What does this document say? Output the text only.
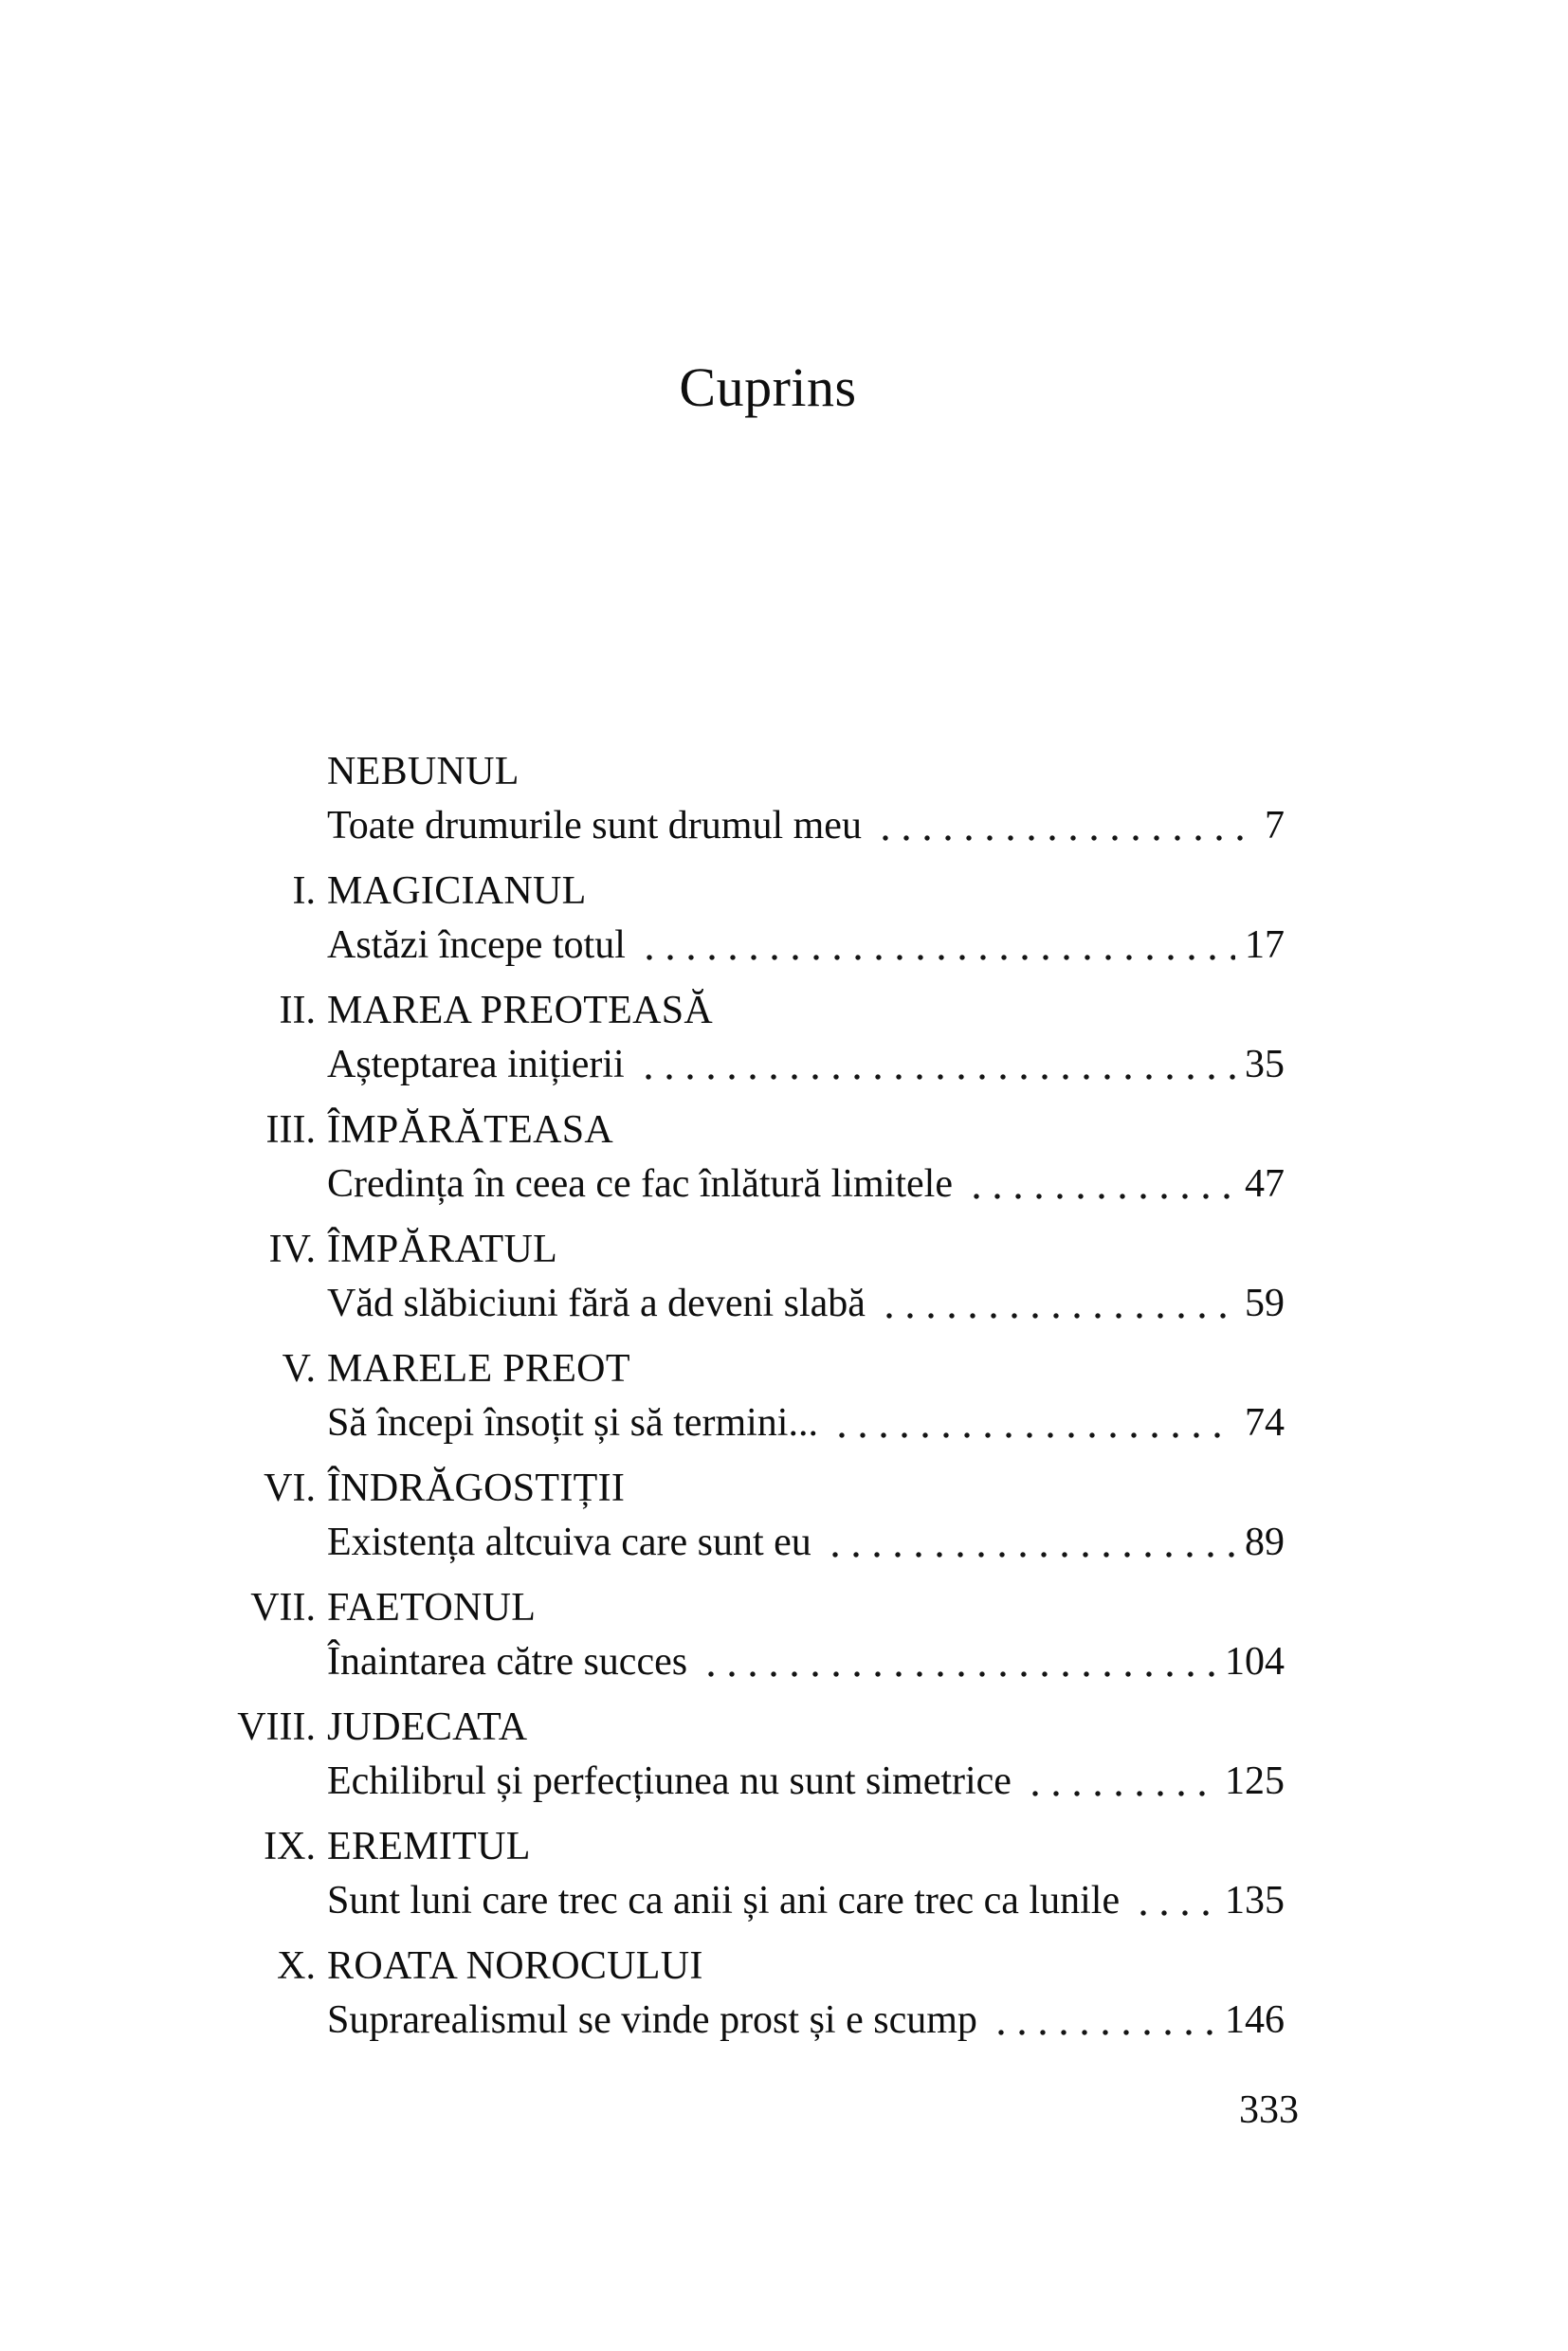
Cuprins
NEBUNUL
Toate drumurile sunt drumul meu	7
I. MAGICIANUL
Astăzi începe totul	17
II. MAREA PREOTEASĂ
Așteptarea inițierii	35
III. ÎMPĂRĂTEASA
Credința în ceea ce fac înlătură limitele	47
IV. ÎMPĂRATUL
Văd slăbiciuni fără a deveni slabă	59
V. MARELE PREOT
Să începi însoțit și să termini...	74
VI. ÎNDRĂGOSTIȚII
Existența altcuiva care sunt eu	89
VII. FAETONUL
Înaintarea către succes	104
VIII. JUDECATA
Echilibrul și perfecțiunea nu sunt simetrice	125
IX. EREMITUL
Sunt luni care trec ca anii și ani care trec ca lunile	135
X. ROATA NOROCULUI
Suprarealismul se vinde prost și e scump	146
333
